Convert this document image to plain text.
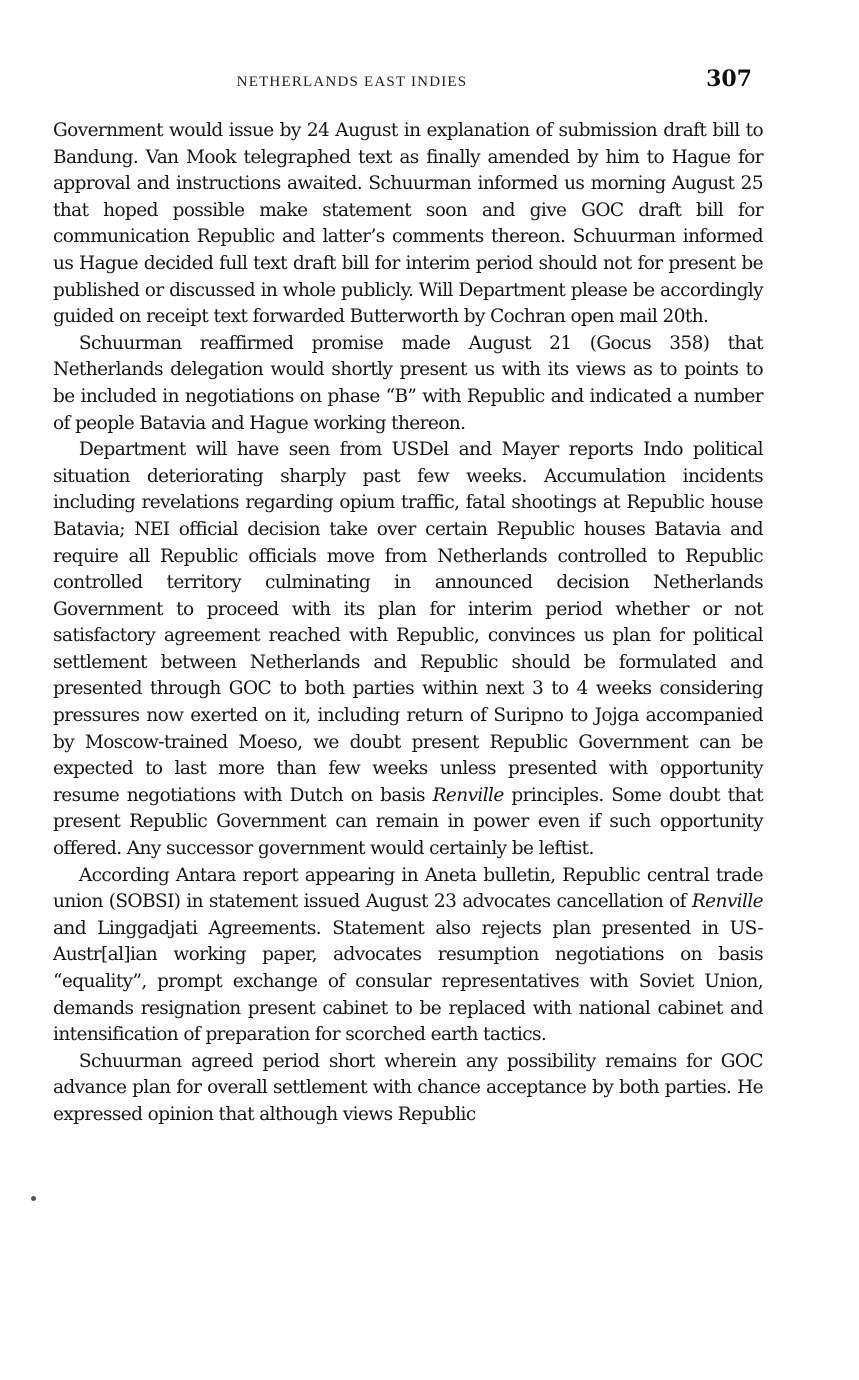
NETHERLANDS EAST INDIES	307

Government would issue by 24 August in explanation of submission draft bill to Bandung. Van Mook telegraphed text as finally amended by him to Hague for approval and instructions awaited. Schuurman informed us morning August 25 that hoped possible make statement soon and give GOC draft bill for communication Republic and latter’s comments thereon. Schuurman informed us Hague decided full text draft bill for interim period should not for present be published or discussed in whole publicly. Will Department please be accordingly guided on receipt text forwarded Butterworth by Cochran open mail 20th.

Schuurman reaffirmed promise made August 21 (Gocus 358) that Netherlands delegation would shortly present us with its views as to points to be included in negotiations on phase “B” with Republic and indicated a number of people Batavia and Hague working thereon.

Department will have seen from USDel and Mayer reports Indo political situation deteriorating sharply past few weeks. Accumulation incidents including revelations regarding opium traffic, fatal shootings at Republic house Batavia; NEI official decision take over certain Republic houses Batavia and require all Republic officials move from Netherlands controlled to Republic controlled territory culminating in announced decision Netherlands Government to proceed with its plan for interim period whether or not satisfactory agreement reached with Republic, convinces us plan for political settlement between Netherlands and Republic should be formulated and presented through GOC to both parties within next 3 to 4 weeks considering pressures now exerted on it, including return of Suripno to Jojga accompanied by Moscow-trained Moeso, we doubt present Republic Government can be expected to last more than few weeks unless presented with opportunity resume negotiations with Dutch on basis Renville principles. Some doubt that present Republic Government can remain in power even if such opportunity offered. Any successor government would certainly be leftist.

According Antara report appearing in Aneta bulletin, Republic central trade union (SOBSI) in statement issued August 23 advocates cancellation of Renville and Linggadjati Agreements. Statement also rejects plan presented in US-Austr[al]ian working paper, advocates resumption negotiations on basis “equality”, prompt exchange of consular representatives with Soviet Union, demands resignation present cabinet to be replaced with national cabinet and intensification of preparation for scorched earth tactics.

Schuurman agreed period short wherein any possibility remains for GOC advance plan for overall settlement with chance acceptance by both parties. He expressed opinion that although views Republic
